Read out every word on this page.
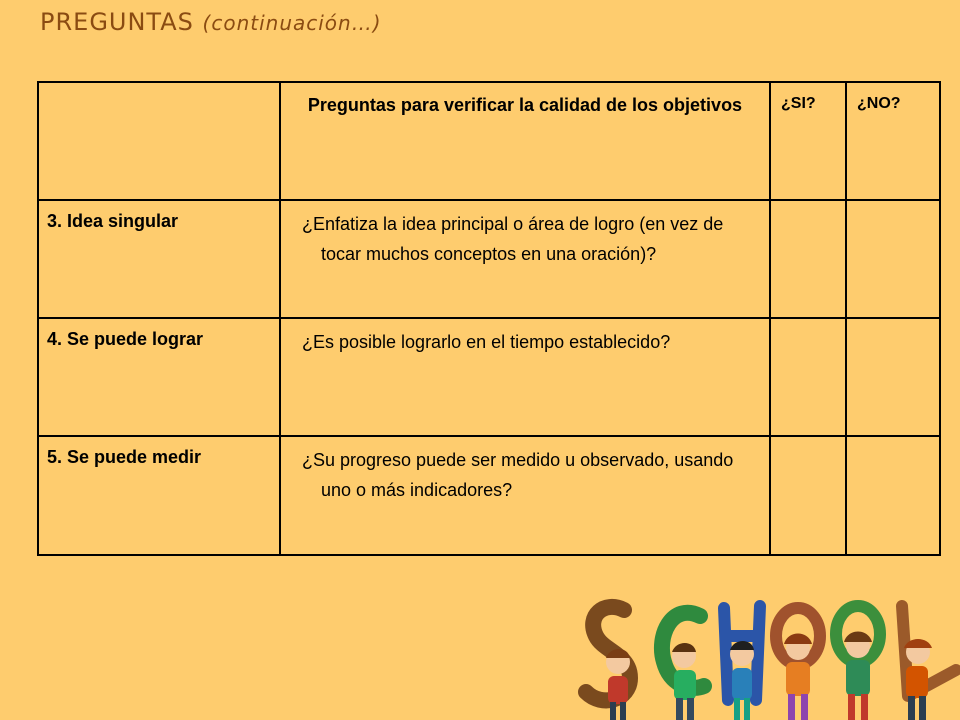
PREGUNTAS (continuación…)
	Preguntas para verificar la calidad de los objetivos	¿SI?	¿NO?
3. Idea singular	¿Enfatiza la idea principal o área de logro (en vez de tocar muchos conceptos en una oración)?		

4. Se puede lograr	¿Es posible lograrlo en el tiempo establecido?		

5. Se puede medir	¿Su progreso puede ser medido u observado, usando uno o más indicadores?		
